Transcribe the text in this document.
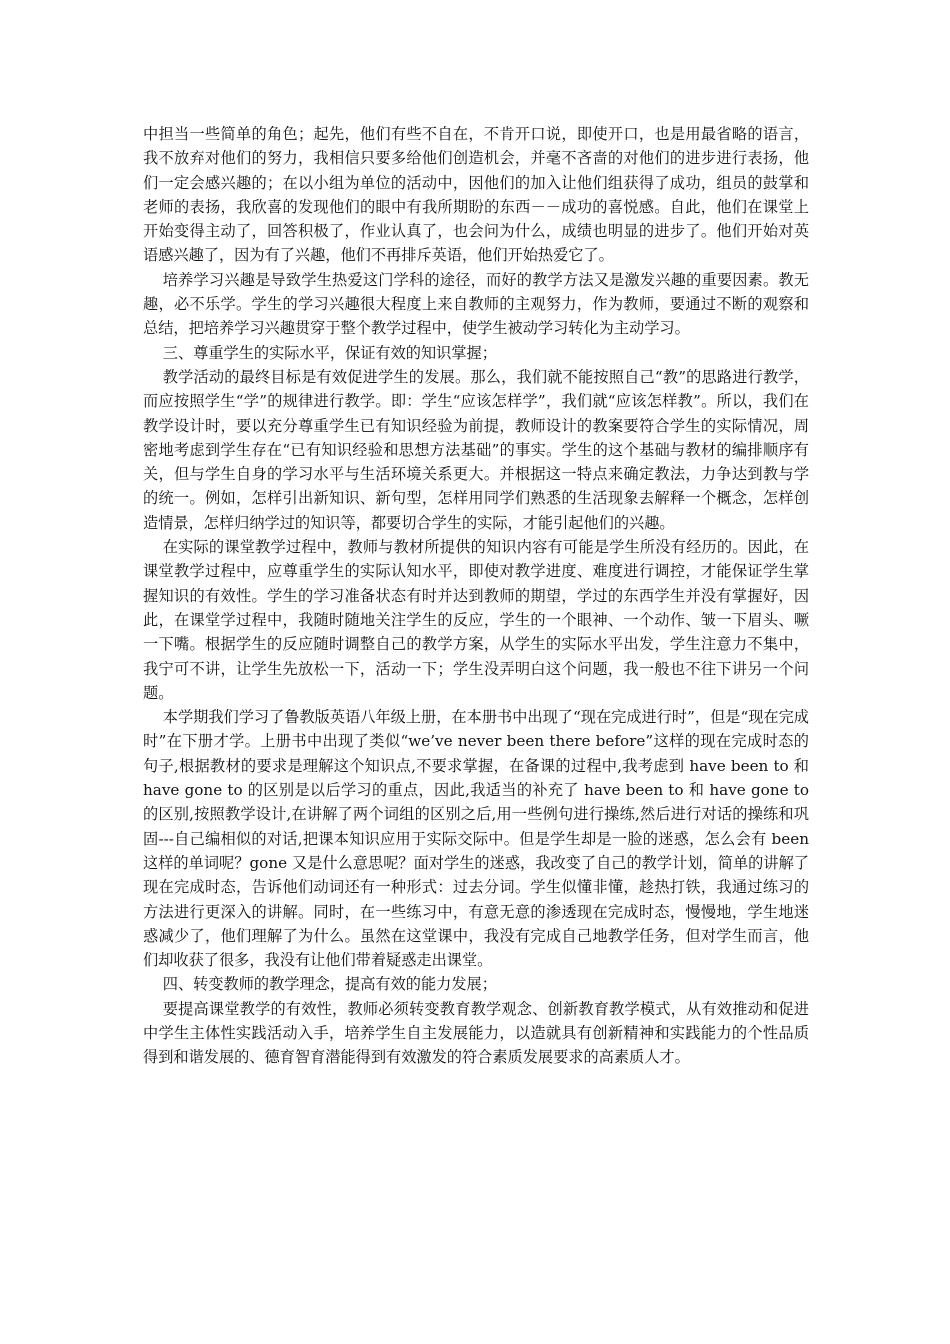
中担当一些简单的角色；起先，他们有些不自在，不肯开口说，即使开口，也是用最省略的语言，我不放弃对他们的努力，我相信只要多给他们创造机会，并毫不吝啬的对他们的进步进行表扬，他们一定会感兴趣的；在以小组为单位的活动中，因他们的加入让他们组获得了成功，组员的鼓掌和老师的表扬，我欣喜的发现他们的眼中有我所期盼的东西－－成功的喜悦感。自此，他们在课堂上开始变得主动了，回答积极了，作业认真了，也会问为什么，成绩也明显的进步了。他们开始对英语感兴趣了，因为有了兴趣，他们不再排斥英语，他们开始热爱它了。

培养学习兴趣是导致学生热爱这门学科的途径，而好的教学方法又是激发兴趣的重要因素。教无趣，必不乐学。学生的学习兴趣很大程度上来自教师的主观努力，作为教师，要通过不断的观察和总结，把培养学习兴趣贯穿于整个教学过程中，使学生被动学习转化为主动学习。

三、尊重学生的实际水平，保证有效的知识掌握；

教学活动的最终目标是有效促进学生的发展。那么，我们就不能按照自己“教”的思路进行教学，而应按照学生“学”的规律进行教学。即：学生“应该怎样学”，我们就“应该怎样教”。所以，我们在教学设计时，要以充分尊重学生已有知识经验为前提，教师设计的教案要符合学生的实际情况，周密地考虑到学生存在“已有知识经验和思想方法基础”的事实。学生的这个基础与教材的编排顺序有关，但与学生自身的学习水平与生活环境关系更大。并根据这一特点来确定教法，力争达到教与学的统一。例如，怎样引出新知识、新句型，怎样用同学们熟悉的生活现象去解释一个概念，怎样创造情景，怎样归纳学过的知识等，都要切合学生的实际，才能引起他们的兴趣。

在实际的课堂教学过程中，教师与教材所提供的知识内容有可能是学生所没有经历的。因此，在课堂教学过程中，应尊重学生的实际认知水平，即使对教学进度、难度进行调控，才能保证学生掌握知识的有效性。学生的学习准备状态有时并达到教师的期望，学过的东西学生并没有掌握好，因此，在课堂学过程中，我随时随地关注学生的反应，学生的一个眼神、一个动作、皱一下眉头、噘一下嘴。根据学生的反应随时调整自己的教学方案，从学生的实际水平出发，学生注意力不集中，我宁可不讲，让学生先放松一下，活动一下；学生没弄明白这个问题，我一般也不往下讲另一个问题。

本学期我们学习了鲁教版英语八年级上册，在本册书中出现了“现在完成进行时”，但是“现在完成时”在下册才学。上册书中出现了类似“we’ve never been there before”这样的现在完成时态的句子,根据教材的要求是理解这个知识点,不要求掌握，在备课的过程中,我考虑到 have been to 和 have gone to 的区别是以后学习的重点，因此,我适当的补充了 have been to 和 have gone to 的区别,按照教学设计,在讲解了两个词组的区别之后,用一些例句进行操练,然后进行对话的操练和巩固---自己编相似的对话,把课本知识应用于实际交际中。但是学生却是一脸的迷惑，怎么会有 been 这样的单词呢？gone 又是什么意思呢？面对学生的迷惑，我改变了自己的教学计划，简单的讲解了现在完成时态，告诉他们动词还有一种形式：过去分词。学生似懂非懂，趁热打铁，我通过练习的方法进行更深入的讲解。同时，在一些练习中，有意无意的渗透现在完成时态，慢慢地，学生地迷惑减少了，他们理解了为什么。虽然在这堂课中，我没有完成自己地教学任务，但对学生而言，他们却收获了很多，我没有让他们带着疑惑走出课堂。

四、转变教师的教学理念，提高有效的能力发展；

要提高课堂教学的有效性，教师必须转变教育教学观念、创新教育教学模式，从有效推动和促进中学生主体性实践活动入手，培养学生自主发展能力，以造就具有创新精神和实践能力的个性品质得到和谐发展的、德育智育潜能得到有效激发的符合素质发展要求的高素质人才。
